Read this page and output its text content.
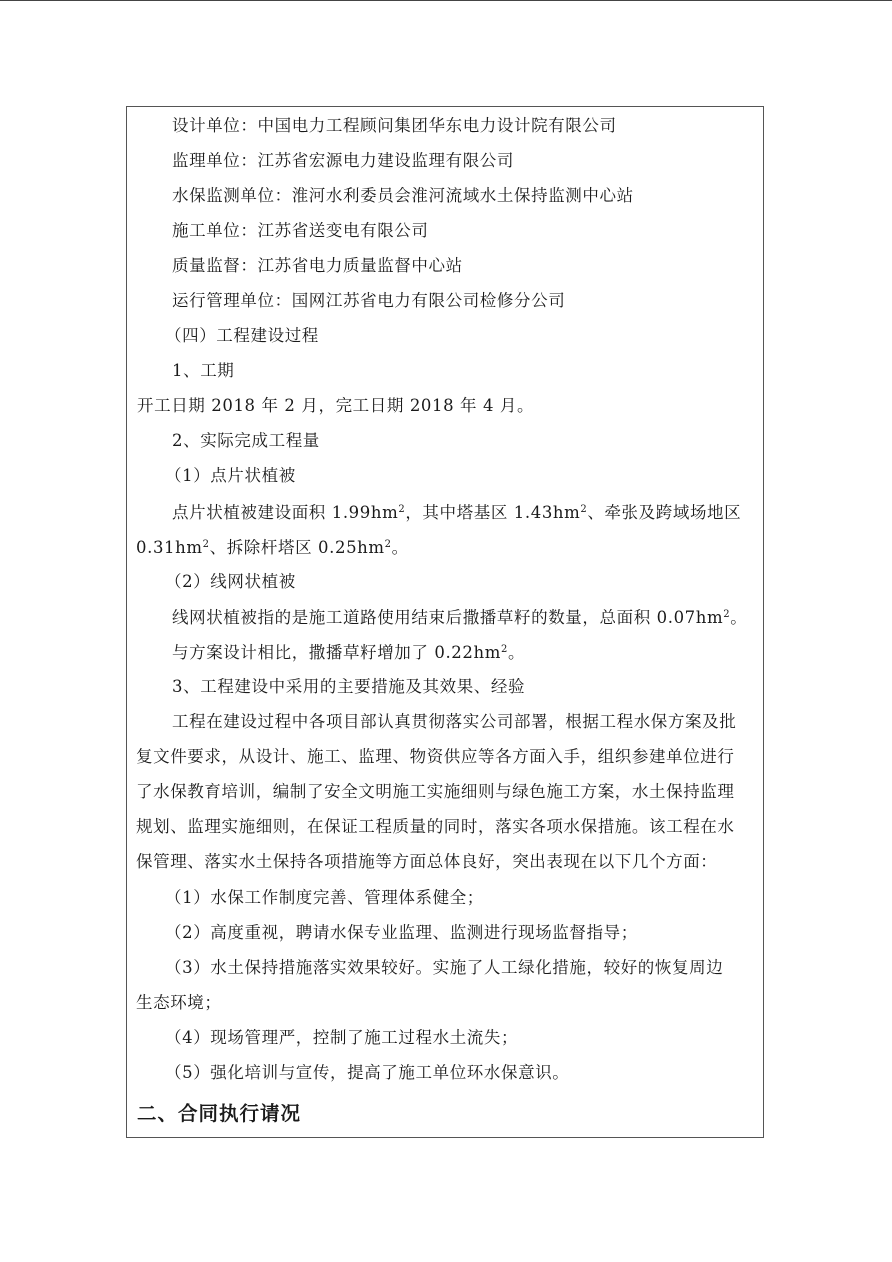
设计单位：中国电力工程顾问集团华东电力设计院有限公司
监理单位：江苏省宏源电力建设监理有限公司
水保监测单位：淮河水利委员会淮河流域水土保持监测中心站
施工单位：江苏省送变电有限公司
质量监督：江苏省电力质量监督中心站
运行管理单位：国网江苏省电力有限公司检修分公司
（四）工程建设过程
1、工期
开工日期 2018 年 2 月，完工日期 2018 年 4 月。
2、实际完成工程量
（1）点片状植被
点片状植被建设面积 $1.99hm^2$，其中塔基区 $1.43hm^2$、牵张及跨域场地区
$0.31hm^2$、拆除杆塔区 $0.25hm^2$。
（2）线网状植被
线网状植被指的是施工道路使用结束后撒播草籽的数量，总面积 $0.07hm^2$。
与方案设计相比，撒播草籽增加了 $0.22hm^2$。
3、工程建设中采用的主要措施及其效果、经验
工程在建设过程中各项目部认真贯彻落实公司部署，根据工程水保方案及批
复文件要求，从设计、施工、监理、物资供应等各方面入手，组织参建单位进行
了水保教育培训，编制了安全文明施工实施细则与绿色施工方案，水土保持监理
规划、监理实施细则，在保证工程质量的同时，落实各项水保措施。该工程在水
保管理、落实水土保持各项措施等方面总体良好，突出表现在以下几个方面：
（1）水保工作制度完善、管理体系健全；
（2）高度重视，聘请水保专业监理、监测进行现场监督指导；
（3）水土保持措施落实效果较好。实施了人工绿化措施，较好的恢复周边
生态环境；
（4）现场管理严，控制了施工过程水土流失；
（5）强化培训与宣传，提高了施工单位环水保意识。
二、合同执行请况
